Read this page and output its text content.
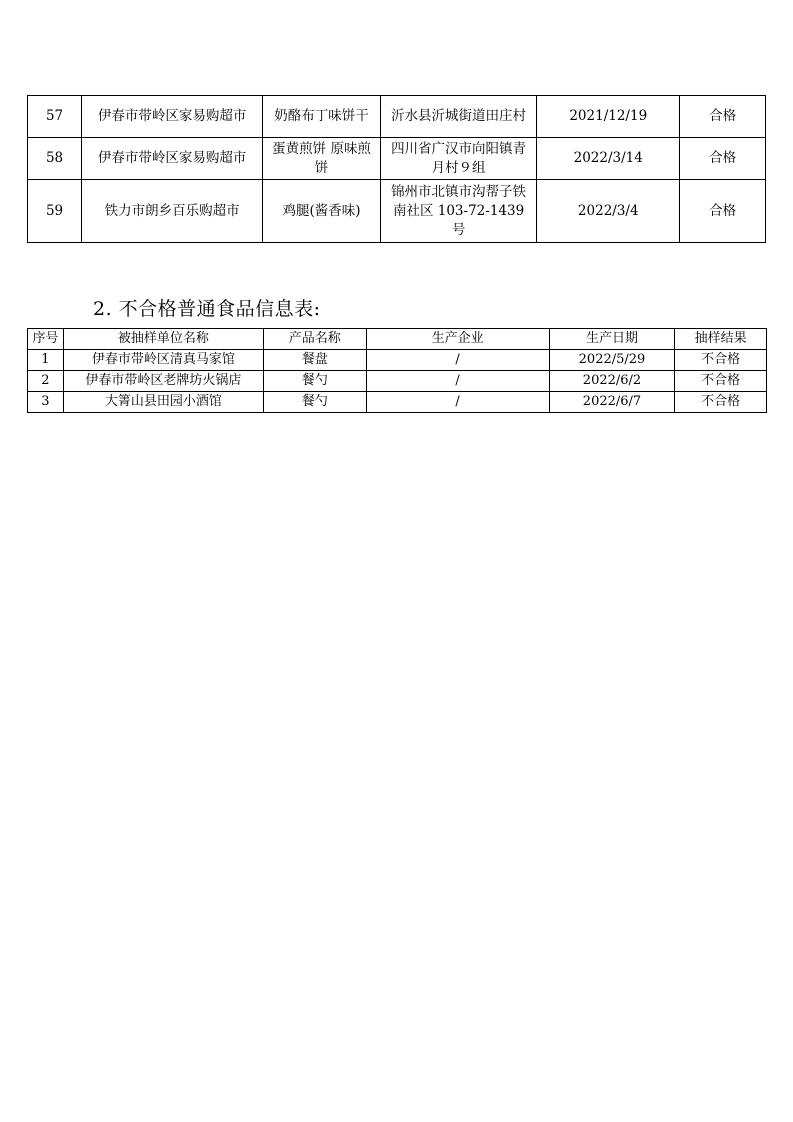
57	伊春市带岭区家易购超市	奶酪布丁味饼干	沂水县沂城街道田庄村	2021/12/19	合格
58	伊春市带岭区家易购超市	蛋黄煎饼 原味煎饼	四川省广汉市向阳镇青月村９组	2022/3/14	合格
59	铁力市朗乡百乐购超市	鸡腿(酱香味)	锦州市北镇市沟帮子铁南社区 103-72-1439 号	2022/3/4	合格
2. 不合格普通食品信息表:
序号	被抽样单位名称	产品名称	生产企业	生产日期	抽样结果
1	伊春市带岭区清真马家馆	餐盘	/	2022/5/29	不合格
2	伊春市带岭区老牌坊火锅店	餐勺	/	2022/6/2	不合格
3	大箐山县田园小酒馆	餐勺	/	2022/6/7	不合格
